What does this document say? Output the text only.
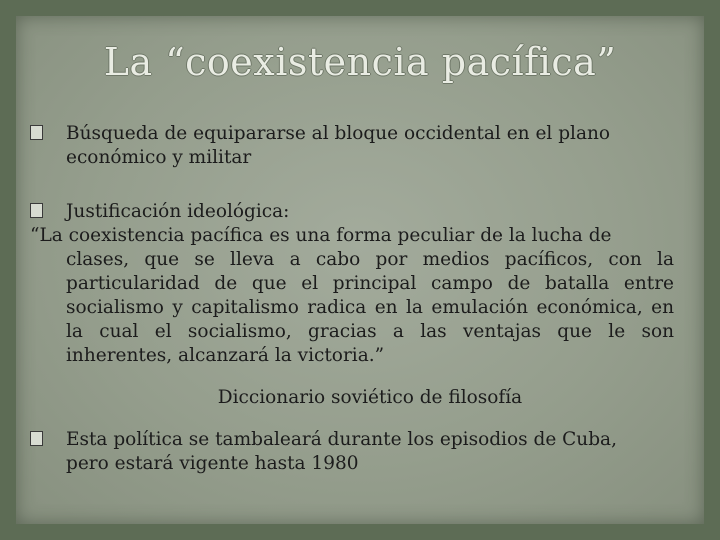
La “coexistencia pacífica”
Búsqueda de equipararse al bloque occidental en el plano
económico y militar
Justificación ideológica:
“La coexistencia pacífica es una forma peculiar de la lucha de
clases, que se lleva a cabo por medios pacíficos, con la particularidad de que el principal campo de batalla entre socialismo y capitalismo radica en la emulación económica, en la cual el socialismo, gracias a las ventajas que le son inherentes, alcanzará la victoria.”
Diccionario soviético de filosofía
Esta política se tambaleará durante los episodios de Cuba,
pero estará vigente hasta 1980
